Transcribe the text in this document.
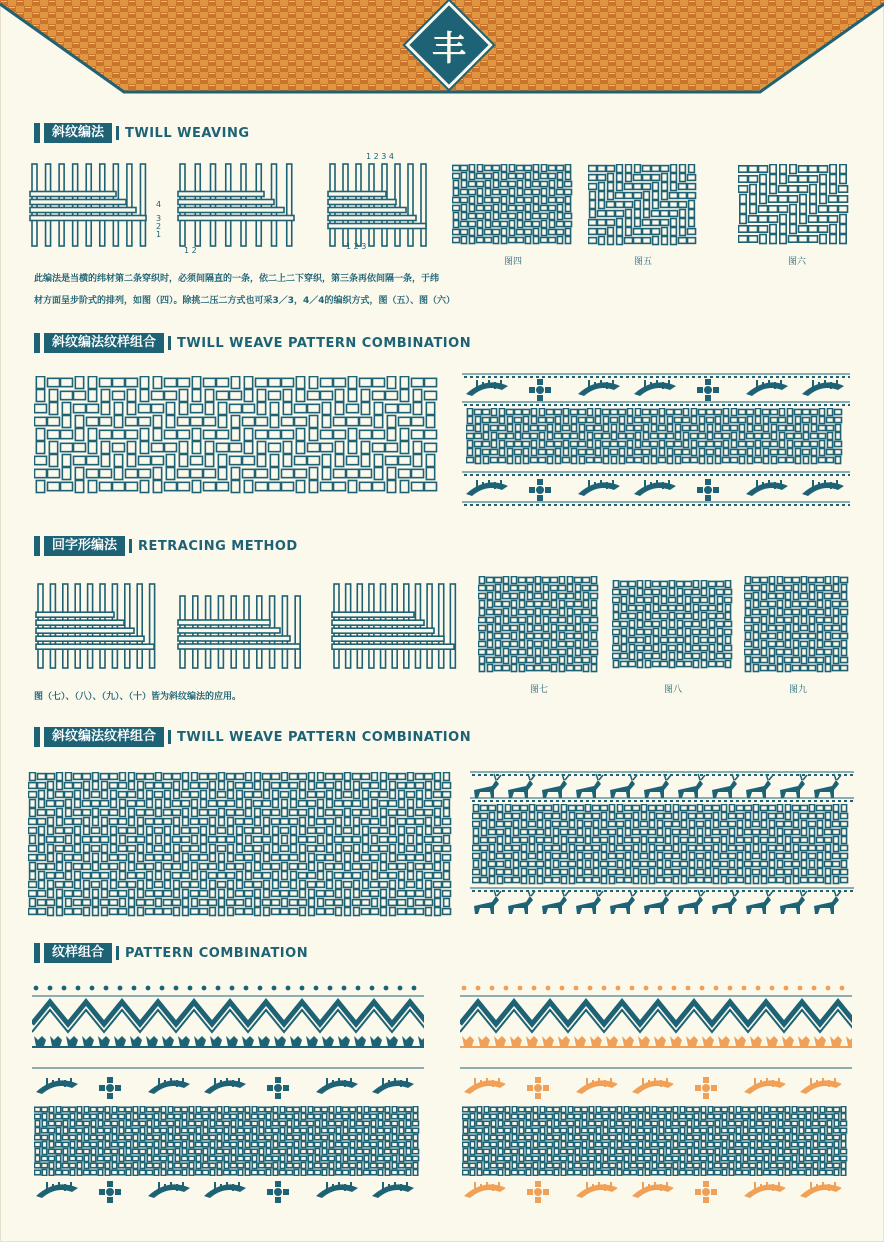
丰
斜纹编法	TWILL WEAVING
1 2 3 4
4
3
2
1
1 2	1 2 3
图四	图五	图六
此编法是当横的纬材第二条穿织时，必须间隔直的一条，依二上二下穿织，第三条再依间隔一条，于纬
材方面呈步阶式的排列，如图（四）。除挑二压二方式也可采3／3，4／4的编织方式，图（五）、图（六）
斜纹编法纹样组合	TWILL WEAVE PATTERN COMBINATION
回字形编法	RETRACING METHOD
图七	图八	图九
图（七）、（八）、（九）、（十）皆为斜纹编法的应用。
斜纹编法纹样组合	TWILL WEAVE PATTERN COMBINATION
纹样组合	PATTERN COMBINATION
